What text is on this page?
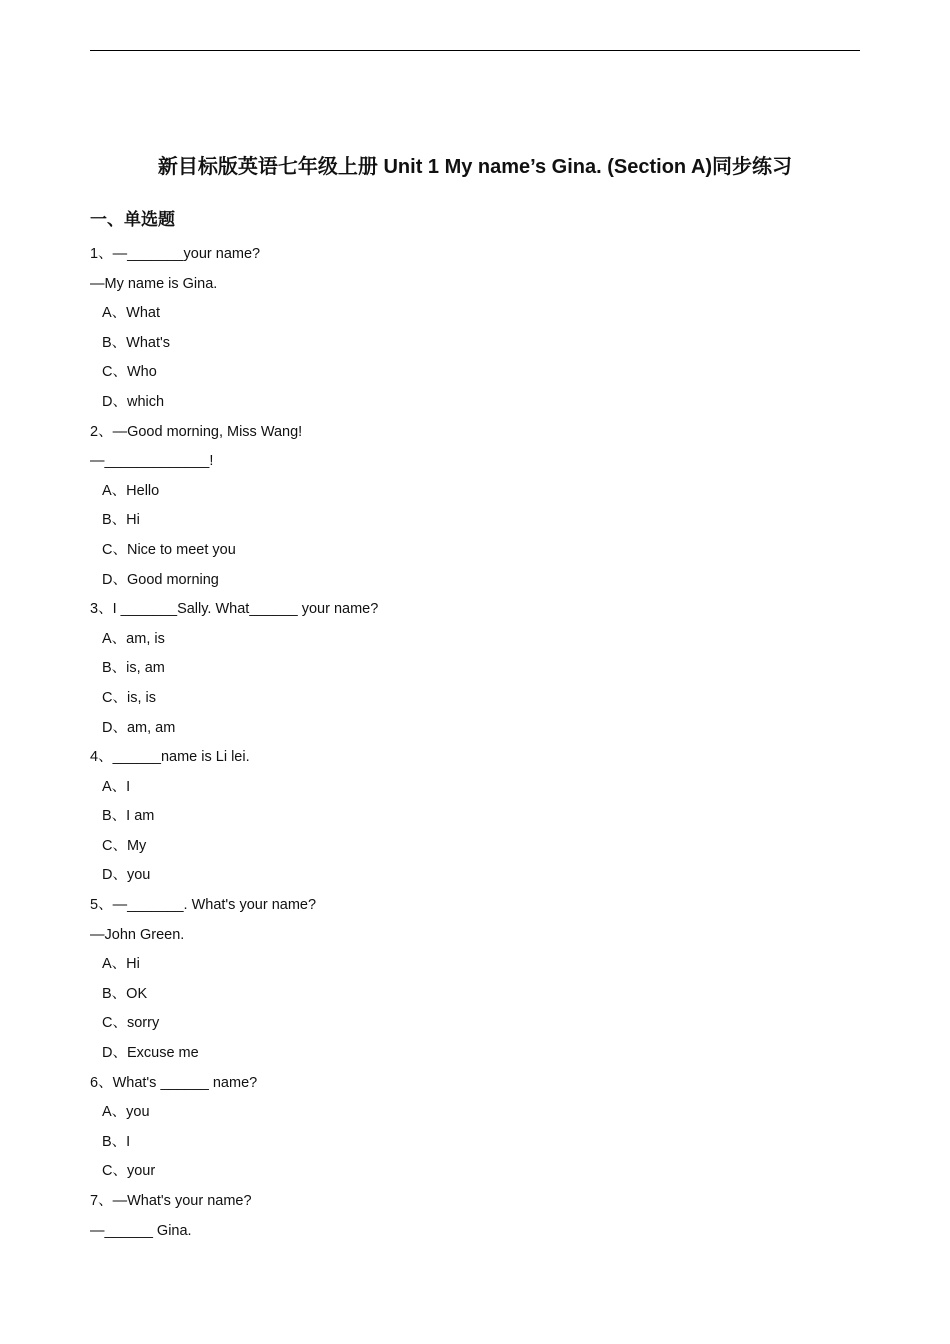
新目标版英语七年级上册 Unit 1 My name’s Gina. (Section A)同步练习
一、单选题
1、—_______your name?
—My name is Gina.
A、What
B、What's
C、Who
D、which
2、—Good morning, Miss Wang!
—_____________!
A、Hello
B、Hi
C、Nice to meet you
D、Good morning
3、I _______Sally. What______ your name?
A、am, is
B、is, am
C、is, is
D、am, am
4、______name is Li lei.
A、I
B、I am
C、My
D、you
5、—_______. What's your name?
—John Green.
A、Hi
B、OK
C、sorry
D、Excuse me
6、What's ______ name?
A、you
B、I
C、your
7、—What's your name?
—______ Gina.
